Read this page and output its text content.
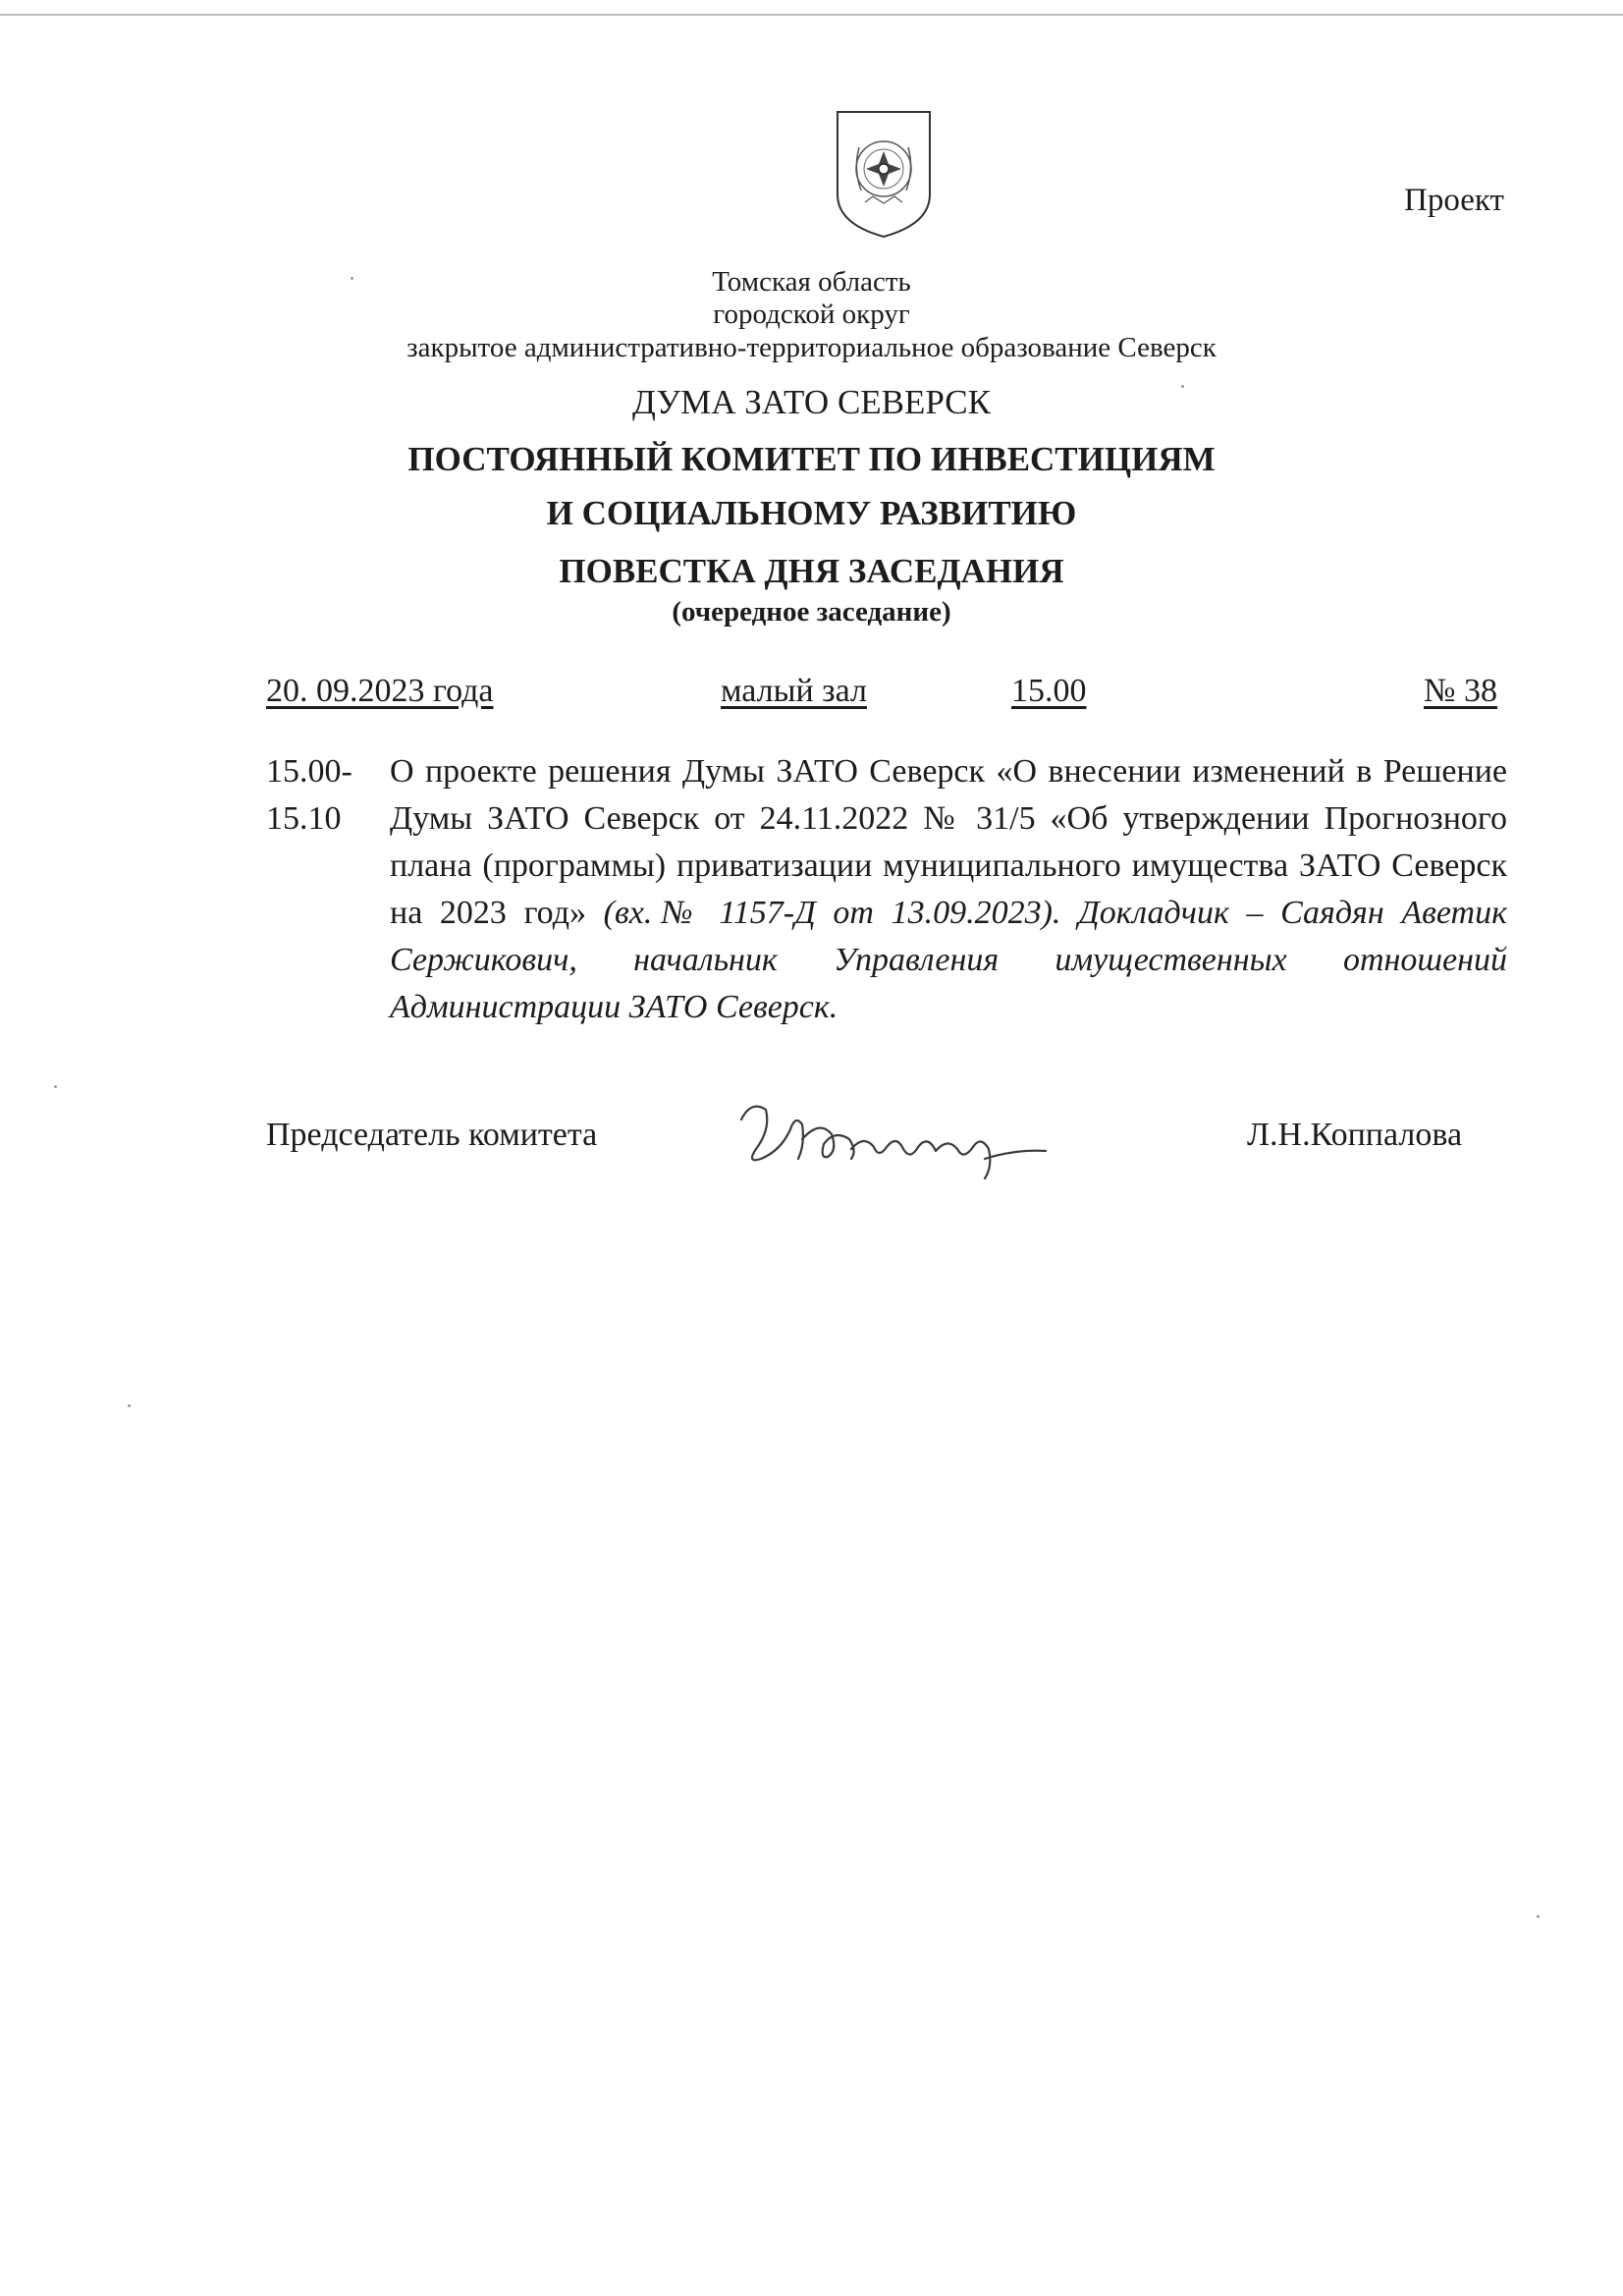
Проект
Томская область
городской округ
закрытое административно-территориальное образование Северск
ДУМА ЗАТО СЕВЕРСК
ПОСТОЯННЫЙ КОМИТЕТ ПО ИНВЕСТИЦИЯМ
И СОЦИАЛЬНОМУ РАЗВИТИЮ
ПОВЕСТКА ДНЯ ЗАСЕДАНИЯ
(очередное заседание)
20. 09.2023 года	малый зал	15.00	№ 38
15.00-
15.10
О проекте решения Думы ЗАТО Северск «О внесении изменений в Решение Думы ЗАТО Северск от 24.11.2022 № 31/5 «Об утверждении Прогнозного плана (программы) приватизации муниципального имущества ЗАТО Северск на 2023 год» (вх.№ 1157-Д от 13.09.2023). Докладчик – Саядян Аветик Сержикович, начальник Управления имущественных отношений Администрации ЗАТО Северск.
Председатель комитета	Л.Н.Коппалова
